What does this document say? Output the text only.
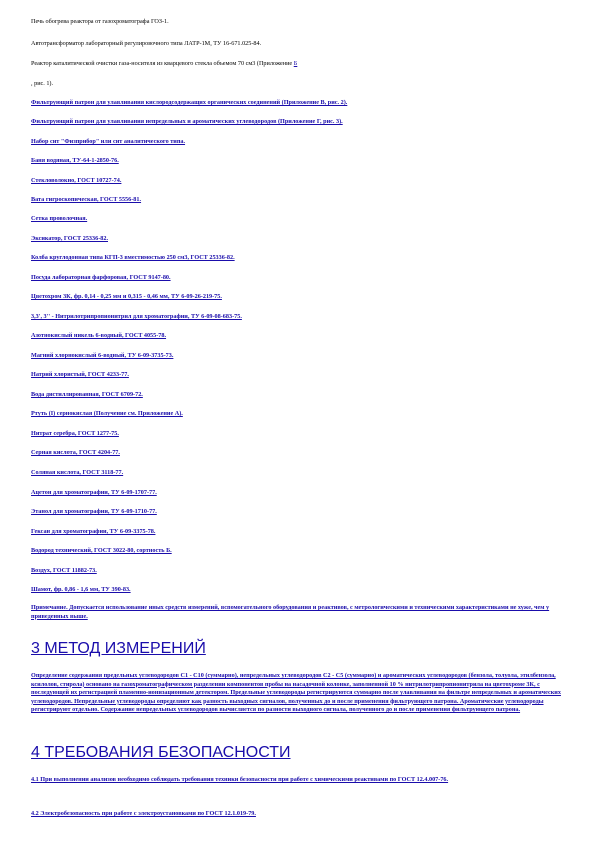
Печь обогрева реактора от газохроматографа ГОЗ-1.
Автотрансформатор лабораторный регулировочного типа ЛАТР-1М, ТУ 16-671.025-84.
Реактор каталитической очистки газа-носителя из кварцевого стекла объемом 70 см3 (Приложение Б
, рис. 1).
Фильтрующий патрон для улавливания кислородсодержащих органических соединений (Приложение В, рис. 2).
Фильтрующий патрон для улавливания непредельных и ароматических углеводородов (Приложение Г, рис. 3).
Набор сит "Физприбор" или сит аналитического типа.
Баня водяная, ТУ-64-1-2850-76.
Стекловолокно, ГОСТ 10727-74.
Вата гигроскопическая, ГОСТ 5556-81.
Сетка проволочная.
Эксикатор, ГОСТ 25336-82.
Колба круглодонная типа КГП-3 вместимостью 250 см3, ГОСТ 25336-82.
Посуда лабораторная фарфоровая, ГОСТ 9147-80.
Цветохром 3К, фр. 0,14 - 0,25 мм и 0,315 - 0,46 мм, ТУ 6-09-26-219-75.
3,3', 3'' - Нитрилотрипропионитрил для хроматографии, ТУ 6-09-08-683-75.
Азотнокислый никель 6-водный, ГОСТ 4055-78.
Магний хлорнокислый 6-водный, ТУ 6-09-3735-73.
Натрий хлористый, ГОСТ 4233-77.
Вода дистиллированная, ГОСТ 6709-72.
Ртуть (I) сернокислая (Получение см. Приложение А).
Нитрат серебра, ГОСТ 1277-75.
Серная кислота, ГОСТ 4204-77.
Соляная кислота, ГОСТ 3118-77.
Ацетон для хроматографии, ТУ 6-09-1707-77.
Этанол для хроматографии, ТУ 6-09-1710-77.
Гексан для хроматографии, ТУ 6-09-3375-78.
Водород технический, ГОСТ 3022-80, сортность Б.
Воздух, ГОСТ 11882-73.
Шамот, фр. 0,86 - 1,6 мм, ТУ 390-83.
Примечание. Допускается использование иных средств измерений, вспомогательного оборудования и реактивов, с метрологическими и техническими характеристиками не хуже, чем у приведенных выше.
3 МЕТОД ИЗМЕРЕНИЙ
Определение содержания предельных углеводородов С1 - С10 (суммарно), непредельных углеводородов С2 - С5 (суммарно) и ароматических углеводородов (бензола, толуола, этилбензола, ксилолов, стирола) основано на газохроматографическом разделении компонентов пробы на насадочной колонке, заполненной 10 % нитрилотрипропионитрила на цветохроме 3К, с последующей их регистрацией пламенно-ионизационным детектором. Предельные углеводороды регистрируются суммарно после улавливания на фильтре непредельных и ароматических углеводородов. Непредельные углеводороды определяют как разность выходных сигналов, полученных до и после применения фильтрующего патрона. Ароматические углеводороды регистрируют отдельно. Содержание непредельных углеводородов вычисляется по разности выходного сигнала, полученного до и после применения фильтрующего патрона.
4 ТРЕБОВАНИЯ БЕЗОПАСНОСТИ
4.1 При выполнении анализов необходимо соблюдать требования техники безопасности при работе с химическими реактивами по ГОСТ 12.4.007-76.
4.2 Электробезопасность при работе с электроустановками по ГОСТ 12.1.019-79.
